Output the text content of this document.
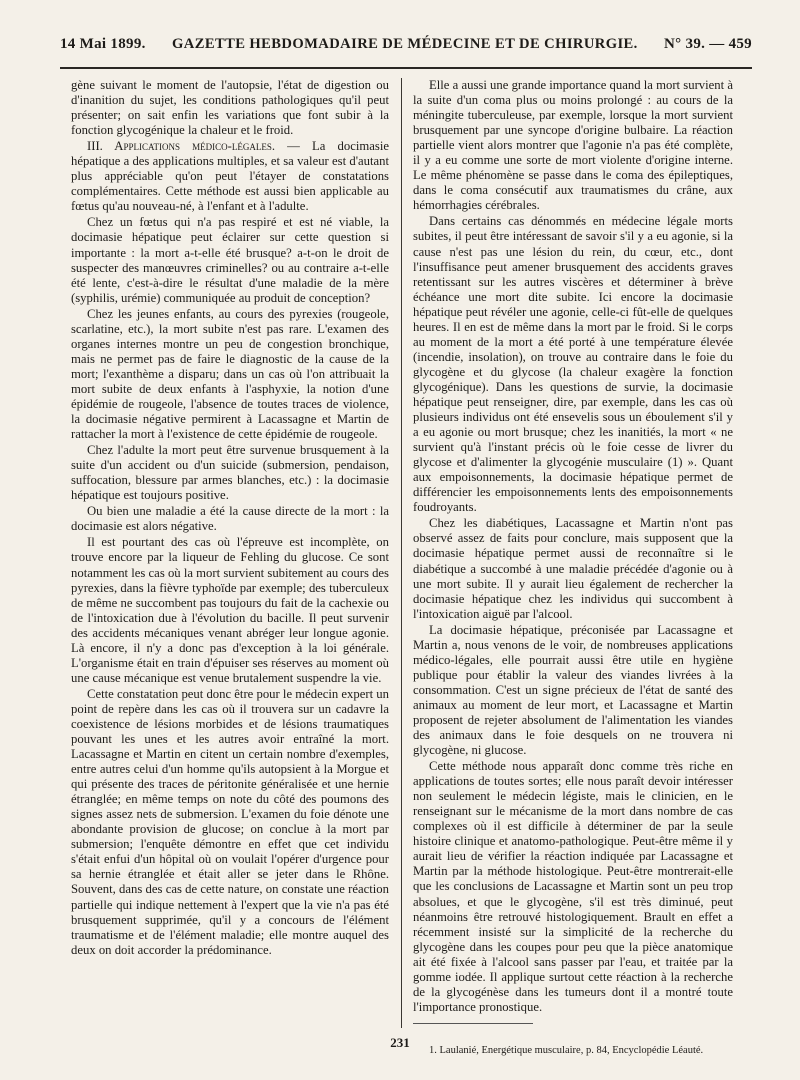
14 Mai 1899. GAZETTE HEBDOMADAIRE DE MÉDECINE ET DE CHIRURGIE. N° 39. — 459

gène suivant le moment de l'autopsie, l'état de digestion ou d'inanition du sujet, les conditions pathologiques qu'il peut présenter; on sait enfin les variations que font subir à la fonction glycogénique la chaleur et le froid.

III. Applications médico-légales. — La docimasie hépatique a des applications multiples, et sa valeur est d'autant plus appréciable qu'on peut l'étayer de constatations complémentaires. Cette méthode est aussi bien applicable au fœtus qu'au nouveau-né, à l'enfant et à l'adulte.

Chez un fœtus qui n'a pas respiré et est né viable, la docimasie hépatique peut éclairer sur cette question si importante : la mort a-t-elle été brusque? a-t-on le droit de suspecter des manœuvres criminelles? ou au contraire a-t-elle été lente, c'est-à-dire le résultat d'une maladie de la mère (syphilis, urémie) communiquée au produit de conception?

Chez les jeunes enfants, au cours des pyrexies (rougeole, scarlatine, etc.), la mort subite n'est pas rare. L'examen des organes internes montre un peu de congestion bronchique, mais ne permet pas de faire le diagnostic de la cause de la mort; l'exanthème a disparu; dans un cas où l'on attribuait la mort subite de deux enfants à l'asphyxie, la notion d'une épidémie de rougeole, l'absence de toutes traces de violence, la docimasie négative permirent à Lacassagne et Martin de rattacher la mort à l'existence de cette épidémie de rougeole.

Chez l'adulte la mort peut être survenue brusquement à la suite d'un accident ou d'un suicide (submersion, pendaison, suffocation, blessure par armes blanches, etc.) : la docimasie hépatique est toujours positive.

Ou bien une maladie a été la cause directe de la mort : la docimasie est alors négative.

Il est pourtant des cas où l'épreuve est incomplète, on trouve encore par la liqueur de Fehling du glucose. Ce sont notamment les cas où la mort survient subitement au cours des pyrexies, dans la fièvre typhoïde par exemple; des tuberculeux de même ne succombent pas toujours du fait de la cachexie ou de l'intoxication due à l'évolution du bacille. Il peut survenir des accidents mécaniques venant abréger leur longue agonie. Là encore, il n'y a donc pas d'exception à la loi générale. L'organisme était en train d'épuiser ses réserves au moment où une cause mécanique est venue brutalement suspendre la vie.

Cette constatation peut donc être pour le médecin expert un point de repère dans les cas où il trouvera sur un cadavre la coexistence de lésions morbides et de lésions traumatiques pouvant les unes et les autres avoir entraîné la mort. Lacassagne et Martin en citent un certain nombre d'exemples, entre autres celui d'un homme qu'ils autopsient à la Morgue et qui présente des traces de péritonite généralisée et une hernie étranglée; en même temps on note du côté des poumons des signes assez nets de submersion. L'examen du foie dénote une abondante provision de glucose; on conclue à la mort par submersion; l'enquête démontre en effet que cet individu s'était enfui d'un hôpital où on voulait l'opérer d'urgence pour sa hernie étranglée et était aller se jeter dans le Rhône. Souvent, dans des cas de cette nature, on constate une réaction partielle qui indique nettement à l'expert que la vie n'a pas été brusquement supprimée, qu'il y a concours de l'élément traumatisme et de l'élément maladie; elle montre auquel des deux on doit accorder la prédominance.

Elle a aussi une grande importance quand la mort survient à la suite d'un coma plus ou moins prolongé : au cours de la méningite tuberculeuse, par exemple, lorsque la mort survient brusquement par une syncope d'origine bulbaire. La réaction partielle vient alors montrer que l'agonie n'a pas été complète, il y a eu comme une sorte de mort violente d'origine interne. Le même phénomène se passe dans le coma des épileptiques, dans le coma consécutif aux traumatismes du crâne, aux hémorrhagies cérébrales.

Dans certains cas dénommés en médecine légale morts subites, il peut être intéressant de savoir s'il y a eu agonie, si la cause n'est pas une lésion du rein, du cœur, etc., dont l'insuffisance peut amener brusquement des accidents graves retentissant sur les autres viscères et déterminer à brève échéance une mort dite subite. Ici encore la docimasie hépatique peut révéler une agonie, celle-ci fût-elle de quelques heures. Il en est de même dans la mort par le froid. Si le corps au moment de la mort a été porté à une température élevée (incendie, insolation), on trouve au contraire dans le foie du glycogène et du glycose (la chaleur exagère la fonction glycogénique). Dans les questions de survie, la docimasie hépatique peut renseigner, dire, par exemple, dans les cas où plusieurs individus ont été ensevelis sous un éboulement s'il y a eu agonie ou mort brusque; chez les inanitiés, la mort « ne survient qu'à l'instant précis où le foie cesse de livrer du glycose et d'alimenter la glycogénie musculaire (1) ». Quant aux empoisonnements, la docimasie hépatique permet de différencier les empoisonnements lents des empoisonnements foudroyants.

Chez les diabétiques, Lacassagne et Martin n'ont pas observé assez de faits pour conclure, mais supposent que la docimasie hépatique permet aussi de reconnaître si le diabétique a succombé à une maladie précédée d'agonie ou à une mort subite. Il y aurait lieu également de rechercher la docimasie hépatique chez les individus qui succombent à l'intoxication aiguë par l'alcool.

La docimasie hépatique, préconisée par Lacassagne et Martin a, nous venons de le voir, de nombreuses applications médico-légales, elle pourrait aussi être utile en hygiène publique pour établir la valeur des viandes livrées à la consommation. C'est un signe précieux de l'état de santé des animaux au moment de leur mort, et Lacassagne et Martin proposent de rejeter absolument de l'alimentation les viandes des animaux dans le foie desquels on ne trouvera ni glycogène, ni glucose.

Cette méthode nous apparaît donc comme très riche en applications de toutes sortes; elle nous paraît devoir intéresser non seulement le médecin légiste, mais le clinicien, en le renseignant sur le mécanisme de la mort dans nombre de cas complexes où il est difficile à déterminer de par la seule histoire clinique et anatomo-pathologique. Peut-être même il y aurait lieu de vérifier la réaction indiquée par Lacassagne et Martin par la méthode histologique. Peut-être montrerait-elle que les conclusions de Lacassagne et Martin sont un peu trop absolues, et que le glycogène, s'il est très diminué, peut néanmoins être retrouvé histologiquement. Brault en effet a récemment insisté sur la simplicité de la recherche du glycogène dans les coupes pour peu que la pièce anatomique ait été fixée à l'alcool sans passer par l'eau, et traitée par la gomme iodée. Il applique surtout cette réaction à la recherche de la glycogénèse dans les tumeurs dont il a montré toute l'importance pronostique.

1. Laulanié, Energétique musculaire, p. 84, Encyclopédie Léauté.
231
